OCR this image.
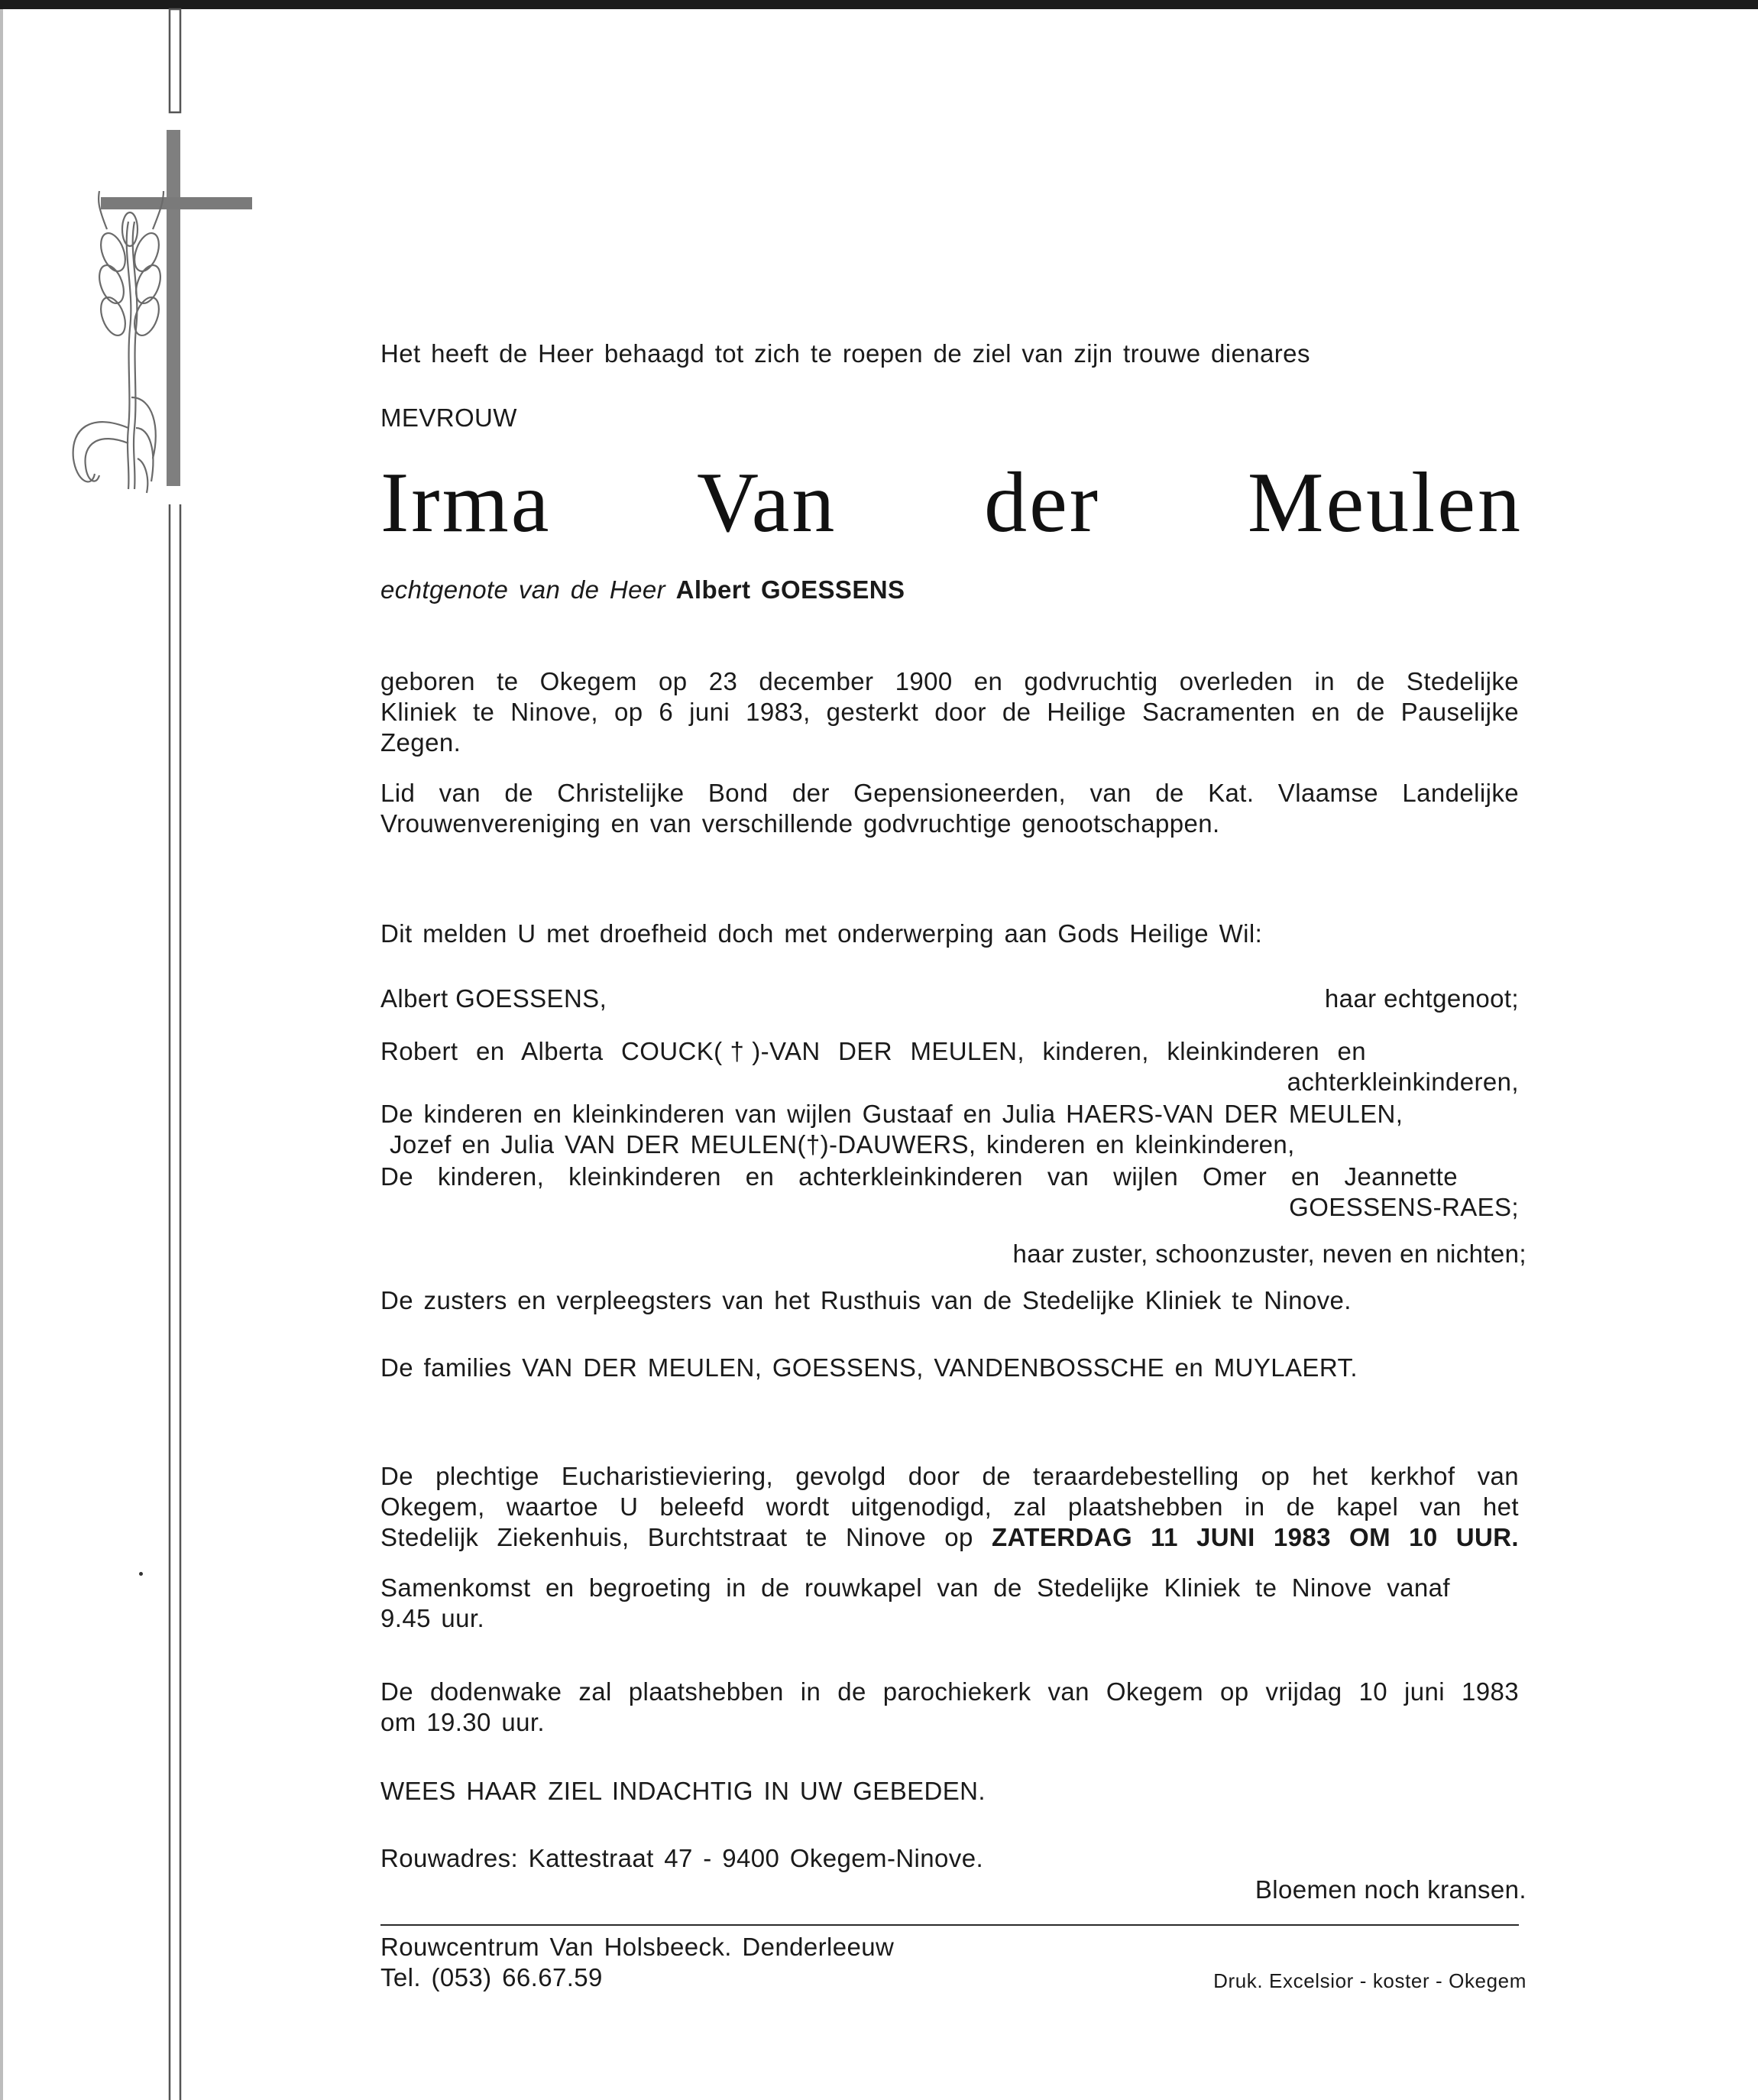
Het heeft de Heer behaagd tot zich te roepen de ziel van zijn trouwe dienares

MEVROUW

Irma Van der Meulen

echtgenote van de Heer Albert GOESSENS

geboren te Okegem op 23 december 1900 en godvruchtig overleden in de Stedelijke
Kliniek te Ninove, op 6 juni 1983, gesterkt door de Heilige Sacramenten en de Pauselijke
Zegen.
Lid van de Christelijke Bond der Gepensioneerden, van de Kat. Vlaamse Landelijke
Vrouwenvereniging en van verschillende godvruchtige genootschappen.

Dit melden U met droefheid doch met onderwerping aan Gods Heilige Wil:

Albert GOESSENS,	haar echtgenoot;
Robert en Alberta COUCK(†)-VAN DER MEULEN, kinderen, kleinkinderen en
achterkleinkinderen,

De kinderen en kleinkinderen van wijlen Gustaaf en Julia HAERS-VAN DER MEULEN,

Jozef en Julia VAN DER MEULEN(†)-DAUWERS, kinderen en kleinkinderen,

De kinderen, kleinkinderen en achterkleinkinderen van wijlen Omer en Jeannette
GOESSENS-RAES;
haar zuster, schoonzuster, neven en nichten;

De zusters en verpleegsters van het Rusthuis van de Stedelijke Kliniek te Ninove.

De families VAN DER MEULEN, GOESSENS, VANDENBOSSCHE en MUYLAERT.

De plechtige Eucharistieviering, gevolgd door de teraardebestelling op het kerkhof van
Okegem, waartoe U beleefd wordt uitgenodigd, zal plaatshebben in de kapel van het
Stedelijk Ziekenhuis, Burchtstraat te Ninove op ZATERDAG 11 JUNI 1983 OM 10 UUR.
Samenkomst en begroeting in de rouwkapel van de Stedelijke Kliniek te Ninove vanaf
9.45 uur.
De dodenwake zal plaatshebben in de parochiekerk van Okegem op vrijdag 10 juni 1983
om 19.30 uur.

WEES HAAR ZIEL INDACHTIG IN UW GEBEDEN.

Rouwadres: Kattestraat 47 - 9400 Okegem-Ninove.

Bloemen noch kransen.

Rouwcentrum Van Holsbeeck. Denderleeuw

Tel. (053) 66.67.59	Druk. Excelsior - koster - Okegem
